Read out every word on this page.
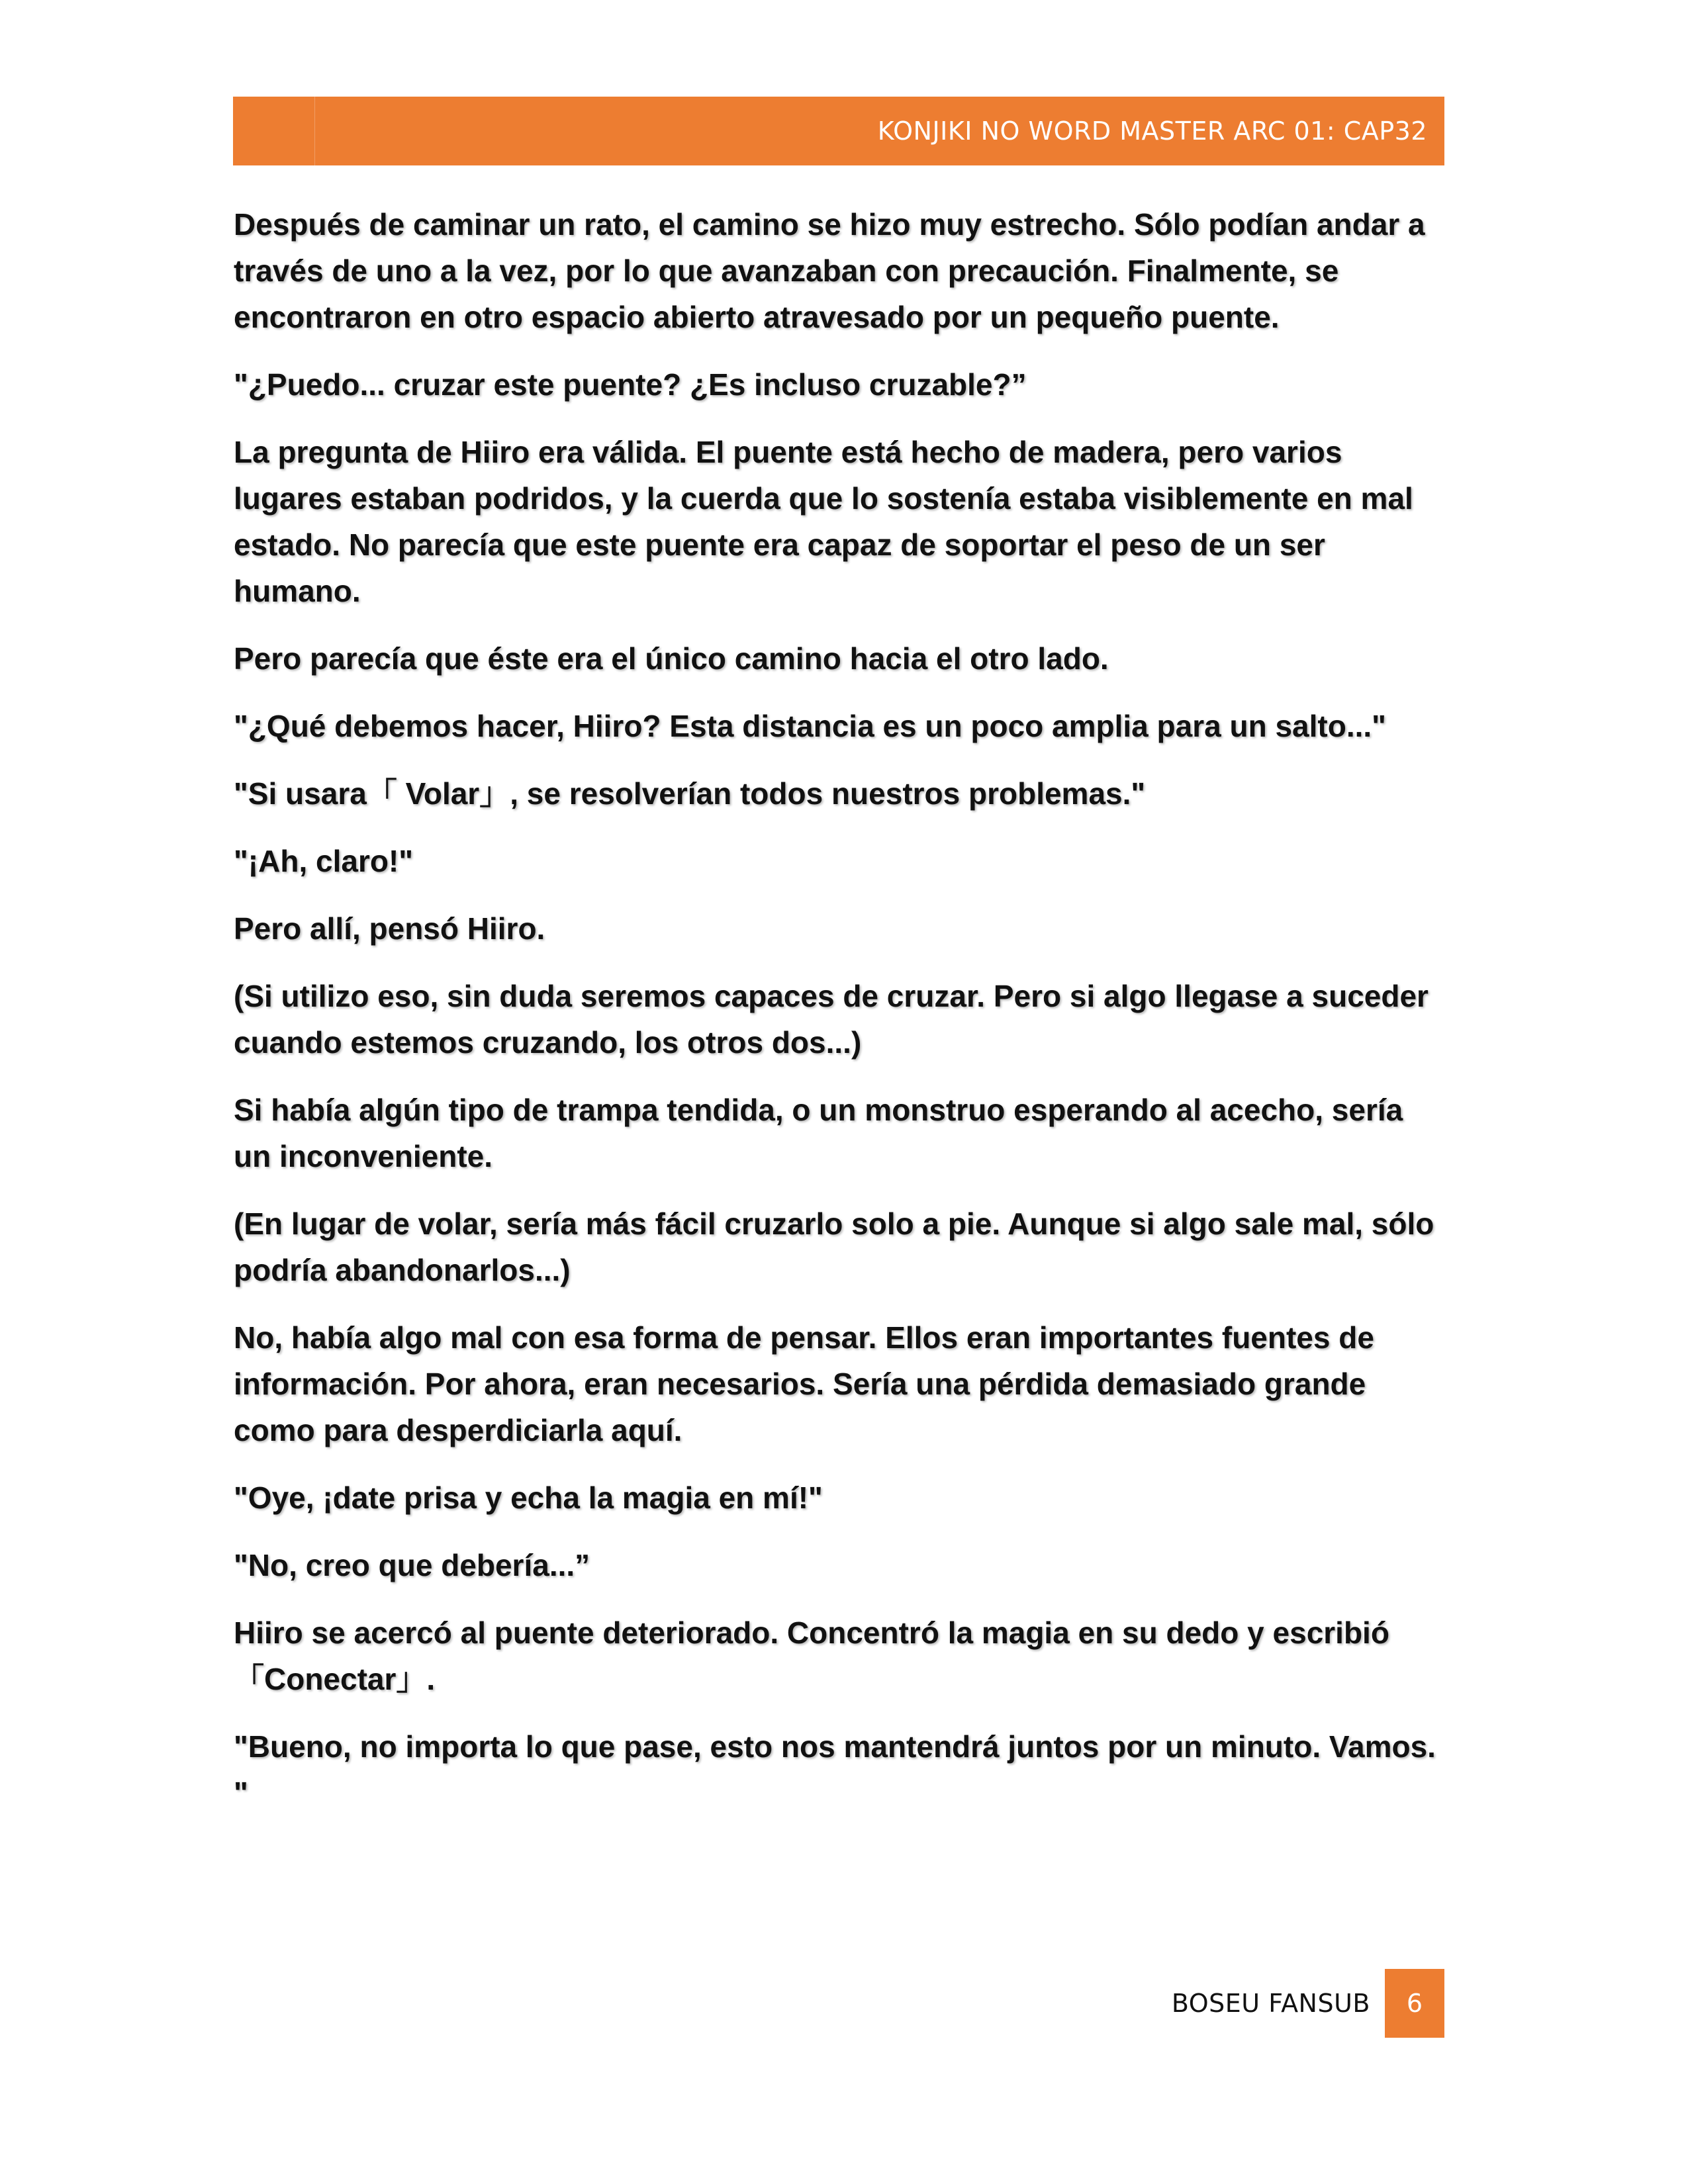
KONJIKI NO WORD MASTER ARC 01: CAP32

Después de caminar un rato, el camino se hizo muy estrecho. Sólo podían andar a través de uno a la vez, por lo que avanzaban con precaución. Finalmente, se encontraron en otro espacio abierto atravesado por un pequeño puente.

"¿Puedo... cruzar este puente? ¿Es incluso cruzable?”

La pregunta de Hiiro era válida. El puente está hecho de madera, pero varios lugares estaban podridos, y la cuerda que lo sostenía estaba visiblemente en mal estado. No parecía que este puente era capaz de soportar el peso de un ser humano.

Pero parecía que éste era el único camino hacia el otro lado.

"¿Qué debemos hacer, Hiiro? Esta distancia es un poco amplia para un salto..."

"Si usara「 Volar」, se resolverían todos nuestros problemas."

"¡Ah, claro!"

Pero allí, pensó Hiiro.

(Si utilizo eso, sin duda seremos capaces de cruzar. Pero si algo llegase a suceder cuando estemos cruzando, los otros dos...)

Si había algún tipo de trampa tendida, o un monstruo esperando al acecho, sería un inconveniente.

(En lugar de volar, sería más fácil cruzarlo solo a pie. Aunque si algo sale mal, sólo podría abandonarlos...)

No, había algo mal con esa forma de pensar. Ellos eran importantes fuentes de información. Por ahora, eran necesarios. Sería una pérdida demasiado grande como para desperdiciarla aquí.

"Oye, ¡date prisa y echa la magia en mí!"

"No, creo que debería...”

Hiiro se acercó al puente deteriorado. Concentró la magia en su dedo y escribió 「Conectar」.

"Bueno, no importa lo que pase, esto nos mantendrá juntos por un minuto. Vamos. "

BOSEU FANSUB	6
